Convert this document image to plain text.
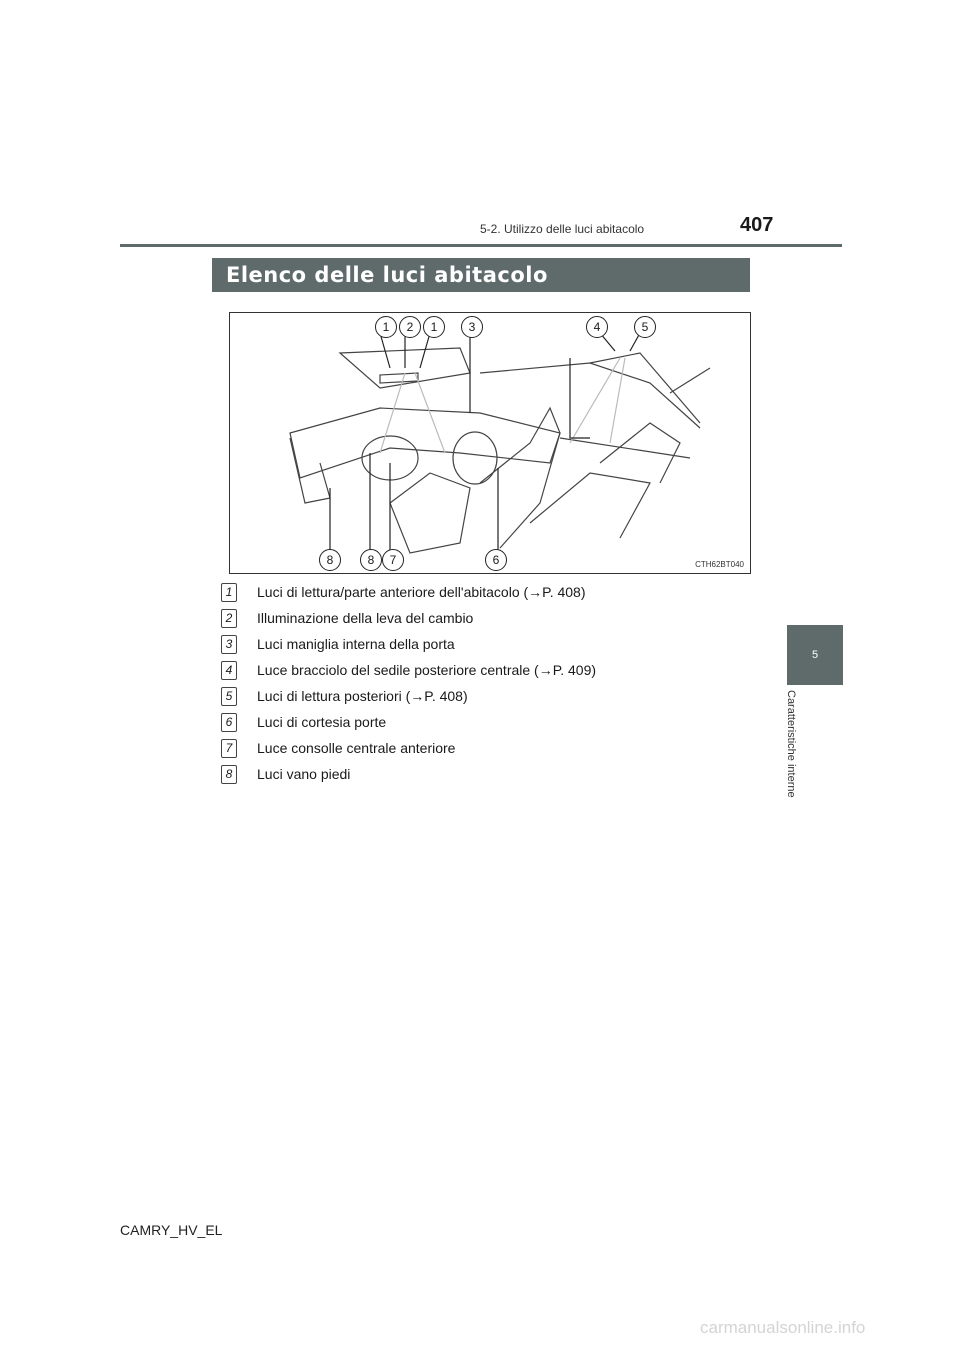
5-2. Utilizzo delle luci abitacolo	407
5
Caratteristiche interne
Elenco delle luci abitacolo
1	2	1	3	4	5
8	8	7	6	CTH62BT040
1	Luci di lettura/parte anteriore dell'abitacolo (→P. 408)
2	Illuminazione della leva del cambio
3	Luci maniglia interna della porta
4	Luce bracciolo del sedile posteriore centrale (→P. 409)
5	Luci di lettura posteriori (→P. 408)
6	Luci di cortesia porte
7	Luce consolle centrale anteriore
8	Luci vano piedi
CAMRY_HV_EL
carmanualsonline.info
